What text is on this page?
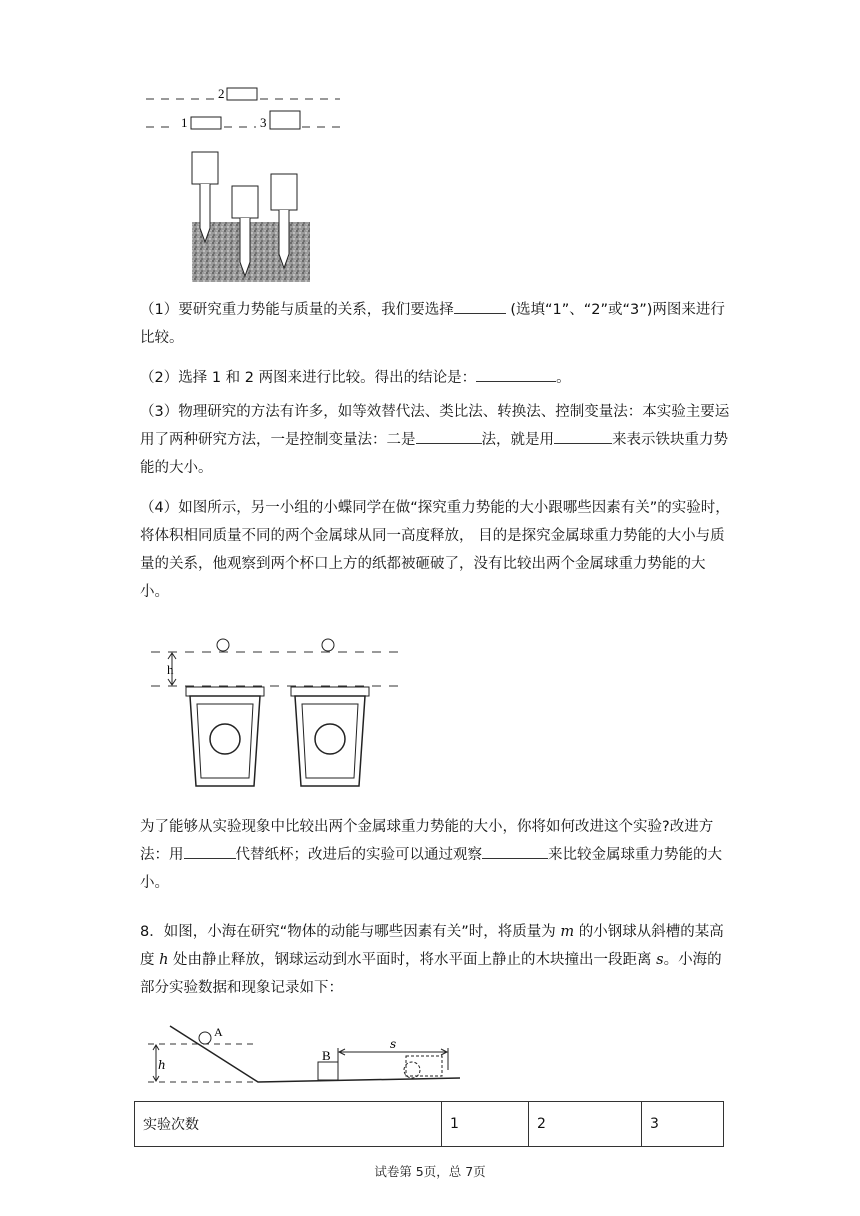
2
1	3
（1）要研究重力势能与质量的关系，我们要选择	(选填“1”、“2”或“3”)两图来进行比较。
（2）选择 1 和 2 两图来进行比较。得出的结论是：	。
（3）物理研究的方法有许多，如等效替代法、类比法、转换法、控制变量法：本实验主要运用了两种研究方法，一是控制变量法：二是	法，就是用	来表示铁块重力势能的大小。
（4）如图所示，另一小组的小蝶同学在做“探究重力势能的大小跟哪些因素有关”的实验时，将体积相同质量不同的两个金属球从同一高度释放， 目的是探究金属球重力势能的大小与质量的关系，他观察到两个杯口上方的纸都被砸破了，没有比较出两个金属球重力势能的大小。
h
为了能够从实验现象中比较出两个金属球重力势能的大小，你将如何改进这个实验?改进方法：用	代替纸杯；改进后的实验可以通过观察	来比较金属球重力势能的大小。
8．如图，小海在研究“物体的动能与哪些因素有关”时，将质量为 m 的小钢球从斜槽的某高度 h 处由静止释放，钢球运动到水平面时，将水平面上静止的木块撞出一段距离 s。小海的部分实验数据和现象记录如下：
h
A
B
s
实验次数	1	2	3
试卷第 5页，总 7页
